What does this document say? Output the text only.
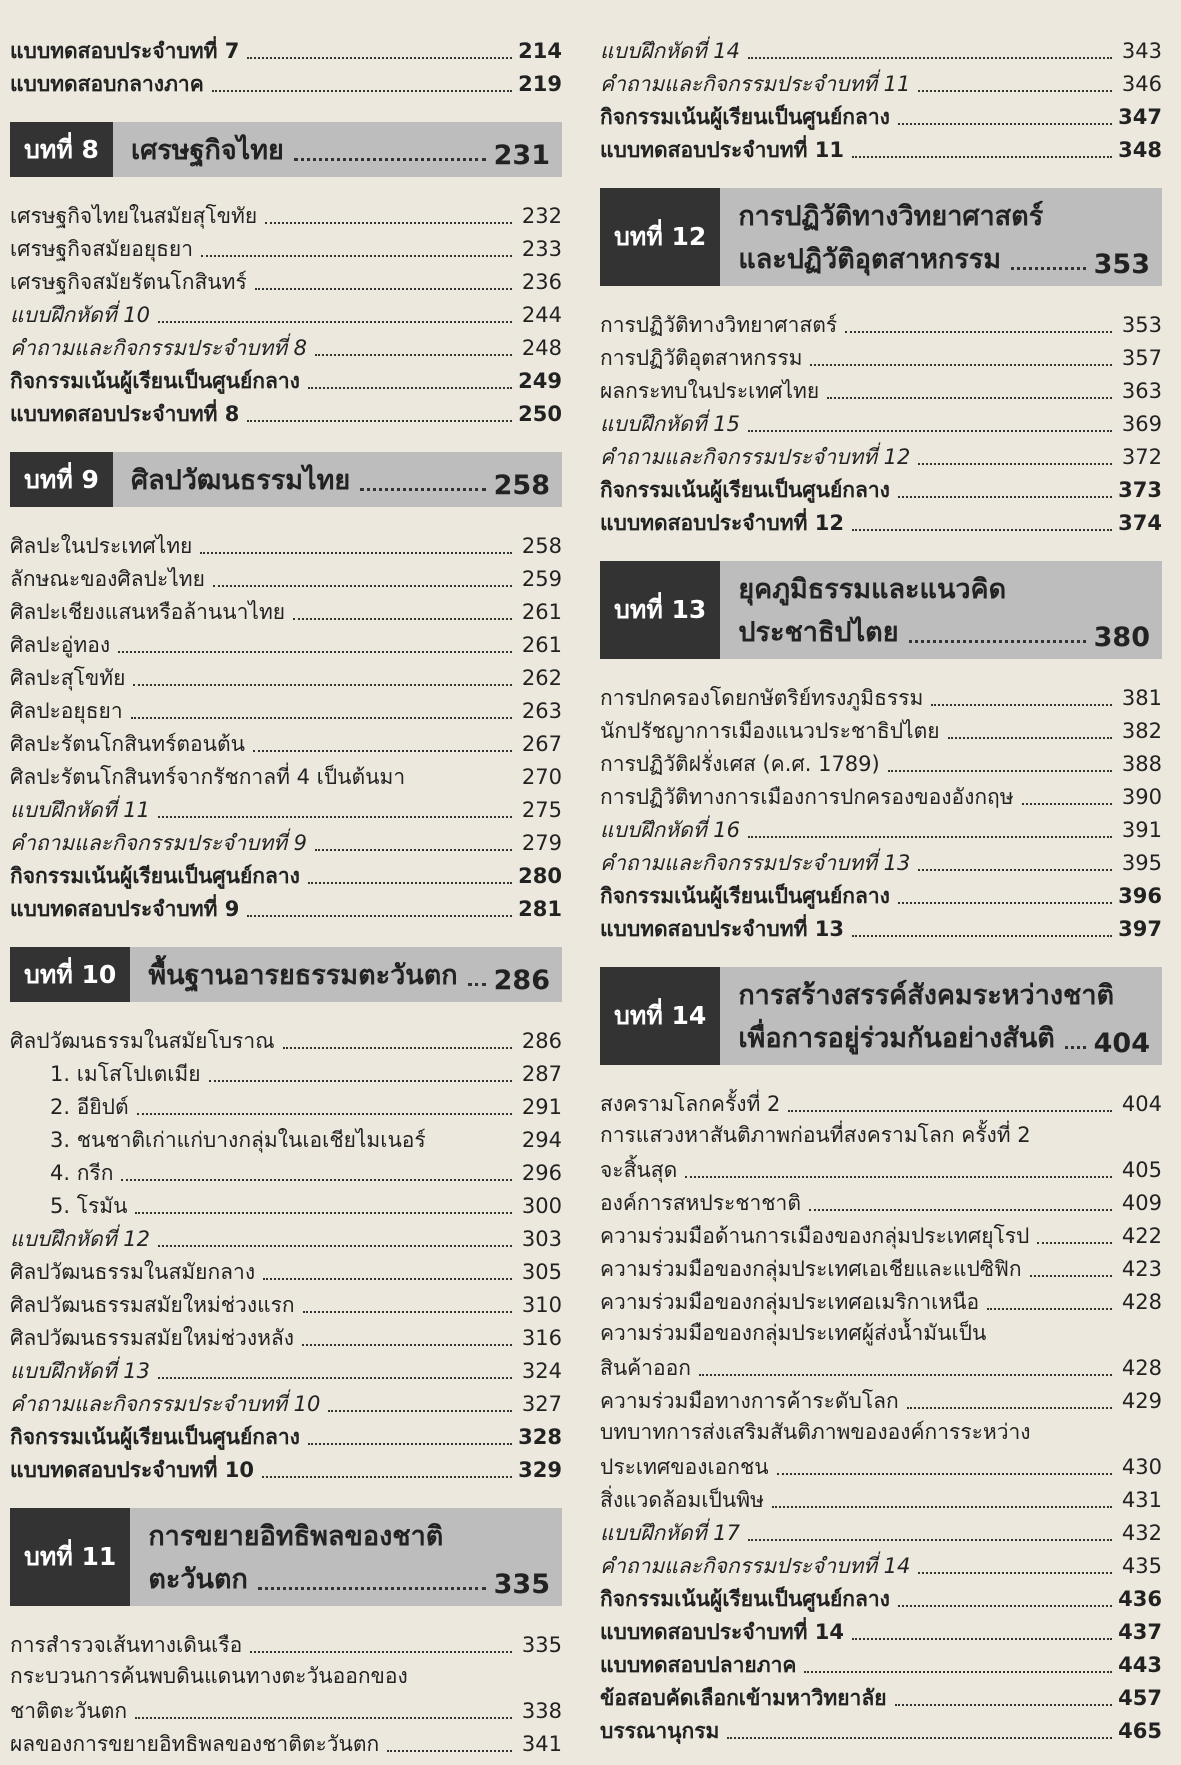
แบบทดสอบประจำบทที่ 7	214
แบบทดสอบกลางภาค	219
บทที่ 8	เศรษฐกิจไทย	231
เศรษฐกิจไทยในสมัยสุโขทัย	232
เศรษฐกิจสมัยอยุธยา	233
เศรษฐกิจสมัยรัตนโกสินทร์	236
แบบฝึกหัดที่ 10	244
คำถามและกิจกรรมประจำบทที่ 8	248
กิจกรรมเน้นผู้เรียนเป็นศูนย์กลาง	249
แบบทดสอบประจำบทที่ 8	250
บทที่ 9	ศิลปวัฒนธรรมไทย	258
ศิลปะในประเทศไทย	258
ลักษณะของศิลปะไทย	259
ศิลปะเชียงแสนหรือล้านนาไทย	261
ศิลปะอู่ทอง	261
ศิลปะสุโขทัย	262
ศิลปะอยุธยา	263
ศิลปะรัตนโกสินทร์ตอนต้น	267
ศิลปะรัตนโกสินทร์จากรัชกาลที่ 4 เป็นต้นมา	270
แบบฝึกหัดที่ 11	275
คำถามและกิจกรรมประจำบทที่ 9	279
กิจกรรมเน้นผู้เรียนเป็นศูนย์กลาง	280
แบบทดสอบประจำบทที่ 9	281
บทที่ 10	พื้นฐานอารยธรรมตะวันตก 286
ศิลปวัฒนธรรมในสมัยโบราณ	286
1. เมโสโปเตเมีย	287
2. อียิปต์	291
3. ชนชาติเก่าแก่บางกลุ่มในเอเชียไมเนอร์	294
4. กรีก	296
5. โรมัน	300
แบบฝึกหัดที่ 12	303
ศิลปวัฒนธรรมในสมัยกลาง	305
ศิลปวัฒนธรรมสมัยใหม่ช่วงแรก	310
ศิลปวัฒนธรรมสมัยใหม่ช่วงหลัง	316
แบบฝึกหัดที่ 13	324
คำถามและกิจกรรมประจำบทที่ 10	327
กิจกรรมเน้นผู้เรียนเป็นศูนย์กลาง	328
แบบทดสอบประจำบทที่ 10	329
บทที่ 11
การขยายอิทธิพลของชาติ
ตะวันตก	335
การสำรวจเส้นทางเดินเรือ	335
กระบวนการค้นพบดินแดนทางตะวันออกของ
ชาติตะวันตก	338
ผลของการขยายอิทธิพลของชาติตะวันตก	341
แบบฝึกหัดที่ 14	343
คำถามและกิจกรรมประจำบทที่ 11	346
กิจกรรมเน้นผู้เรียนเป็นศูนย์กลาง	347
แบบทดสอบประจำบทที่ 11	348
บทที่ 12
การปฏิวัติทางวิทยาศาสตร์
และปฏิวัติอุตสาหกรรม	353
การปฏิวัติทางวิทยาศาสตร์	353
การปฏิวัติอุตสาหกรรม	357
ผลกระทบในประเทศไทย	363
แบบฝึกหัดที่ 15	369
คำถามและกิจกรรมประจำบทที่ 12	372
กิจกรรมเน้นผู้เรียนเป็นศูนย์กลาง	373
แบบทดสอบประจำบทที่ 12	374
บทที่ 13
ยุคภูมิธรรมและแนวคิด
ประชาธิปไตย	380
การปกครองโดยกษัตริย์ทรงภูมิธรรม	381
นักปรัชญาการเมืองแนวประชาธิปไตย	382
การปฏิวัติฝรั่งเศส (ค.ศ. 1789)	388
การปฏิวัติทางการเมืองการปกครองของอังกฤษ	390
แบบฝึกหัดที่ 16	391
คำถามและกิจกรรมประจำบทที่ 13	395
กิจกรรมเน้นผู้เรียนเป็นศูนย์กลาง	396
แบบทดสอบประจำบทที่ 13	397
บทที่ 14
การสร้างสรรค์สังคมระหว่างชาติ
เพื่อการอยู่ร่วมกันอย่างสันติ 404
สงครามโลกครั้งที่ 2	404
การแสวงหาสันติภาพก่อนที่สงครามโลก ครั้งที่ 2
จะสิ้นสุด	405
องค์การสหประชาชาติ	409
ความร่วมมือด้านการเมืองของกลุ่มประเทศยุโรป	422
ความร่วมมือของกลุ่มประเทศเอเชียและแปซิฟิก	423
ความร่วมมือของกลุ่มประเทศอเมริกาเหนือ	428
ความร่วมมือของกลุ่มประเทศผู้ส่งน้ำมันเป็น
สินค้าออก	428
ความร่วมมือทางการค้าระดับโลก	429
บทบาทการส่งเสริมสันติภาพขององค์การระหว่าง
ประเทศของเอกชน	430
สิ่งแวดล้อมเป็นพิษ	431
แบบฝึกหัดที่ 17	432
คำถามและกิจกรรมประจำบทที่ 14	435
กิจกรรมเน้นผู้เรียนเป็นศูนย์กลาง	436
แบบทดสอบประจำบทที่ 14	437
แบบทดสอบปลายภาค	443
ข้อสอบคัดเลือกเข้ามหาวิทยาลัย	457
บรรณานุกรม	465
